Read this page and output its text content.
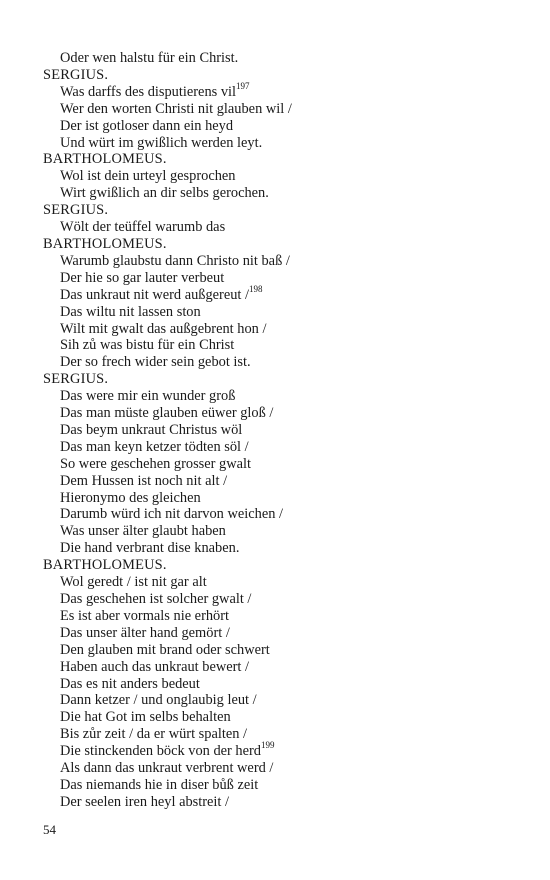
Oder wen halstu für ein Christ.
SERGIUS.
Was darffs des disputierens vil$^{197}$
Wer den worten Christi nit glauben wil /
Der ist gotloser dann ein heyd
Und würt im gwißlich werden leyt.
BARTHOLOMEUS.
Wol ist dein urteyl gesprochen
Wirt gwißlich an dir selbs gerochen.
SERGIUS.
Wölt der teüffel warumb das
BARTHOLOMEUS.
Warumb glaubstu dann Christo nit baß /
Der hie so gar lauter verbeut
Das unkraut nit werd außgereut /$^{198}$
Das wiltu nit lassen ston
Wilt mit gwalt das außgebrent hon /
Sih zů was bistu für ein Christ
Der so frech wider sein gebot ist.
SERGIUS.
Das were mir ein wunder groß
Das man müste glauben eüwer gloß /
Das beym unkraut Christus wöl
Das man keyn ketzer tödten söl /
So were geschehen grosser gwalt
Dem Hussen ist noch nit alt /
Hieronymo des gleichen
Darumb würd ich nit darvon weichen /
Was unser älter glaubt haben
Die hand verbrant dise knaben.
BARTHOLOMEUS.
Wol geredt / ist nit gar alt
Das geschehen ist solcher gwalt /
Es ist aber vormals nie erhört
Das unser älter hand gemört /
Den glauben mit brand oder schwert
Haben auch das unkraut bewert /
Das es nit anders bedeut
Dann ketzer / und onglaubig leut /
Die hat Got im selbs behalten
Bis zůr zeit / da er würt spalten /
Die stinckenden böck von der herd$^{199}$
Als dann das unkraut verbrent werd /
Das niemands hie in diser bůß zeit
Der seelen iren heyl abstreit /
54
